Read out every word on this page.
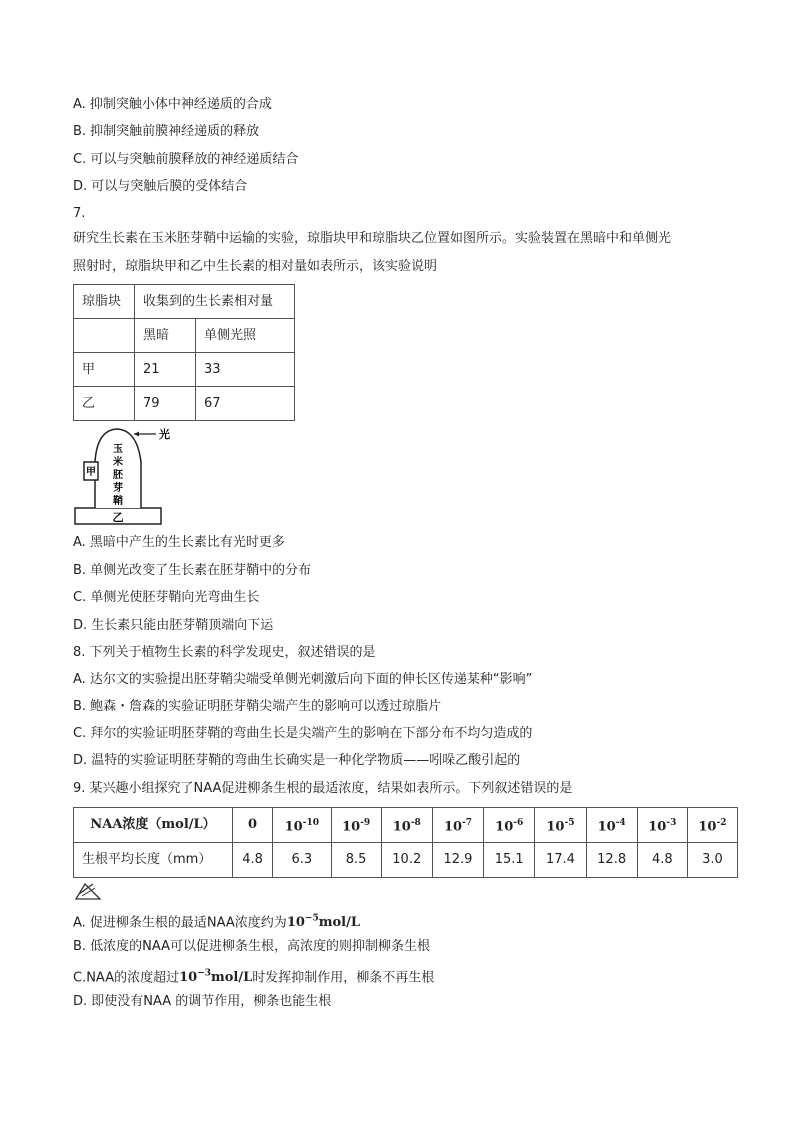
A. 抑制突触小体中神经递质的合成
B. 抑制突触前膜神经递质的释放
C. 可以与突触前膜释放的神经递质结合
D. 可以与突触后膜的受体结合
7.
研究生长素在玉米胚芽鞘中运输的实验，琼脂块甲和琼脂块乙位置如图所示。实验装置在黑暗中和单侧光
照射时，琼脂块甲和乙中生长素的相对量如表所示，该实验说明
琼脂块	收集到的生长素相对量	
	黑暗	单侧光照
甲	21	33
乙	79	67
光
甲
乙
玉
米
胚
芽
鞘
A. 黑暗中产生的生长素比有光时更多
B. 单侧光改变了生长素在胚芽鞘中的分布
C. 单侧光使胚芽鞘向光弯曲生长
D. 生长素只能由胚芽鞘顶端向下运
8. 下列关于植物生长素的科学发现史，叙述错误的是
A. 达尔文的实验提出胚芽鞘尖端受单侧光刺激后向下面的伸长区传递某种“影响”
B. 鲍森・詹森的实验证明胚芽鞘尖端产生的影响可以透过琼脂片
C. 拜尔的实验证明胚芽鞘的弯曲生长是尖端产生的影响在下部分布不均匀造成的
D. 温特的实验证明胚芽鞘的弯曲生长确实是一种化学物质——吲哚乙酸引起的
9. 某兴趣小组探究了NAA促进柳条生根的最适浓度，结果如表所示。下列叙述错误的是
NAA浓度（mol/L）	0	$10^{-10}$	$10^{-9}$	$10^{-8}$	$10^{-7}$	$10^{-6}$	$10^{-5}$	$10^{-4}$	$10^{-3}$	$10^{-2}$
生根平均长度（mm）	4.8	6.3	8.5	10.2	12.9	15.1	17.4	12.8	4.8	3.0
A. 促进柳条生根的最适NAA浓度约为$10^{-5}mol/L$
B. 低浓度的NAA可以促进柳条生根，高浓度的则抑制柳条生根
C.NAA的浓度超过$10^{-3}mol/L$时发挥抑制作用，柳条不再生根
D. 即使没有NAA 的调节作用，柳条也能生根
